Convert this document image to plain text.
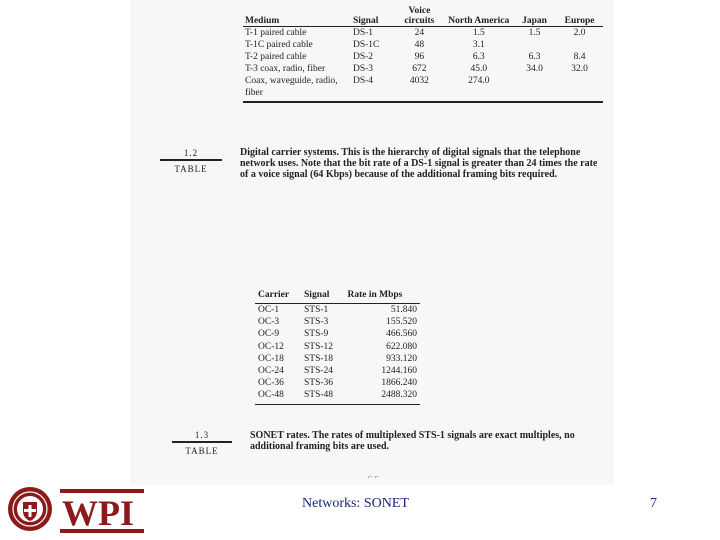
Medium	Signal	Voice circuits	North America	Japan	Europe
T-1 paired cable	DS-1	24	1.5	1.5	2.0
T-1C paired cable	DS-1C	48	3.1		
T-2 paired cable	DS-2	96	6.3	6.3	8.4
T-3 coax, radio, fiber	DS-3	672	45.0	34.0	32.0
Coax, waveguide, radio, fiber	DS-4	4032	274.0		
1.2
TABLE
Digital carrier systems. This is the hierarchy of digital signals that the telephone network uses. Note that the bit rate of a DS-1 signal is greater than 24 times the rate of a voice signal (64 Kbps) because of the additional framing bits required.
Carrier	Signal	Rate in Mbps
OC-1	STS-1	51.840
OC-3	STS-3	155.520
OC-9	STS-9	466.560
OC-12	STS-12	622.080
OC-18	STS-18	933.120
OC-24	STS-24	1244.160
OC-36	STS-36	1866.240
OC-48	STS-48	2488.320
1.3
TABLE
SONET rates. The rates of multiplexed STS-1 signals are exact multiples, no additional framing bits are used.
⌐ ⌐
WPI	Networks: SONET	7
